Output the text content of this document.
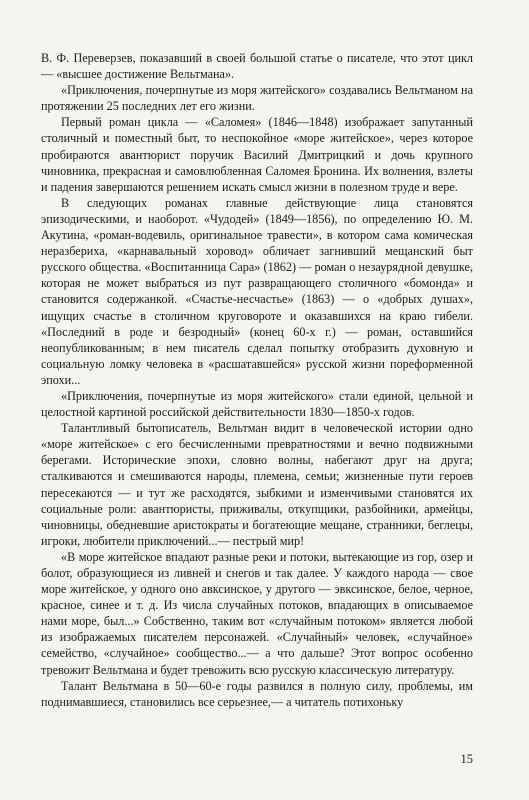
В. Ф. Переверзев, показавший в своей большой статье о писателе, что этот цикл — «высшее достижение Вельтмана».

«Приключения, почерпнутые из моря житейского» создавались Вельтманом на протяжении 25 последних лет его жизни.

Первый роман цикла — «Саломея» (1846—1848) изображает запутанный столичный и поместный быт, то неспокойное «море житейское», через которое пробираются авантюрист поручик Василий Дмитрицкий и дочь крупного чиновника, прекрасная и самовлюбленная Саломея Бронина. Их волнения, взлеты и падения завершаются решением искать смысл жизни в полезном труде и вере.

В следующих романах главные действующие лица становятся эпизодическими, и наоборот. «Чудодей» (1849—1856), по определению Ю. М. Акутина, «роман-водевиль, оригинальное травести», в котором сама комическая неразбериха, «карнавальный хоровод» обличает загнивший мещанский быт русского общества. «Воспитанница Сара» (1862) — роман о незаурядной девушке, которая не может выбраться из пут развращающего столичного «бомонда» и становится содержанкой. «Счастье-несчастье» (1863) — о «добрых душах», ищущих счастье в столичном круговороте и оказавшихся на краю гибели. «Последний в роде и безродный» (конец 60-х г.) — роман, оставшийся неопубликованным; в нем писатель сделал попытку отобразить духовную и социальную ломку человека в «расшатавшейся» русской жизни пореформенной эпохи...

«Приключения, почерпнутые из моря житейского» стали единой, цельной и целостной картиной российской действительности 1830—1850-х годов.

Талантливый бытописатель, Вельтман видит в человеческой истории одно «море житейское» с его бесчисленными превратностями и вечно подвижными берегами. Исторические эпохи, словно волны, набегают друг на друга; сталкиваются и смешиваются народы, племена, семьи; жизненные пути героев пересекаются — и тут же расходятся, зыбкими и изменчивыми становятся их социальные роли: авантюристы, приживалы, откупщики, разбойники, армейцы, чиновницы, обедневшие аристократы и богатеющие мещане, странники, беглецы, игроки, любители приключений...— пестрый мир!

«В море житейское впадают разные реки и потоки, вытекающие из гор, озер и болот, образующиеся из ливней и снегов и так далее. У каждого народа — свое море житейское, у одного оно авксинское, у другого — эвксинское, белое, черное, красное, синее и т. д. Из числа случайных потоков, впадающих в описываемое нами море, был...» Собственно, таким вот «случайным потоком» является любой из изображаемых писателем персонажей. «Случайный» человек, «случайное» семейство, «случайное» сообщество...— а что дальше? Этот вопрос особенно тревожит Вельтмана и будет тревожить всю русскую классическую литературу.

Талант Вельтмана в 50—60-е годы развился в полную силу, проблемы, им поднимавшиеся, становились все серьезнее,— а читатель потихоньку

15
